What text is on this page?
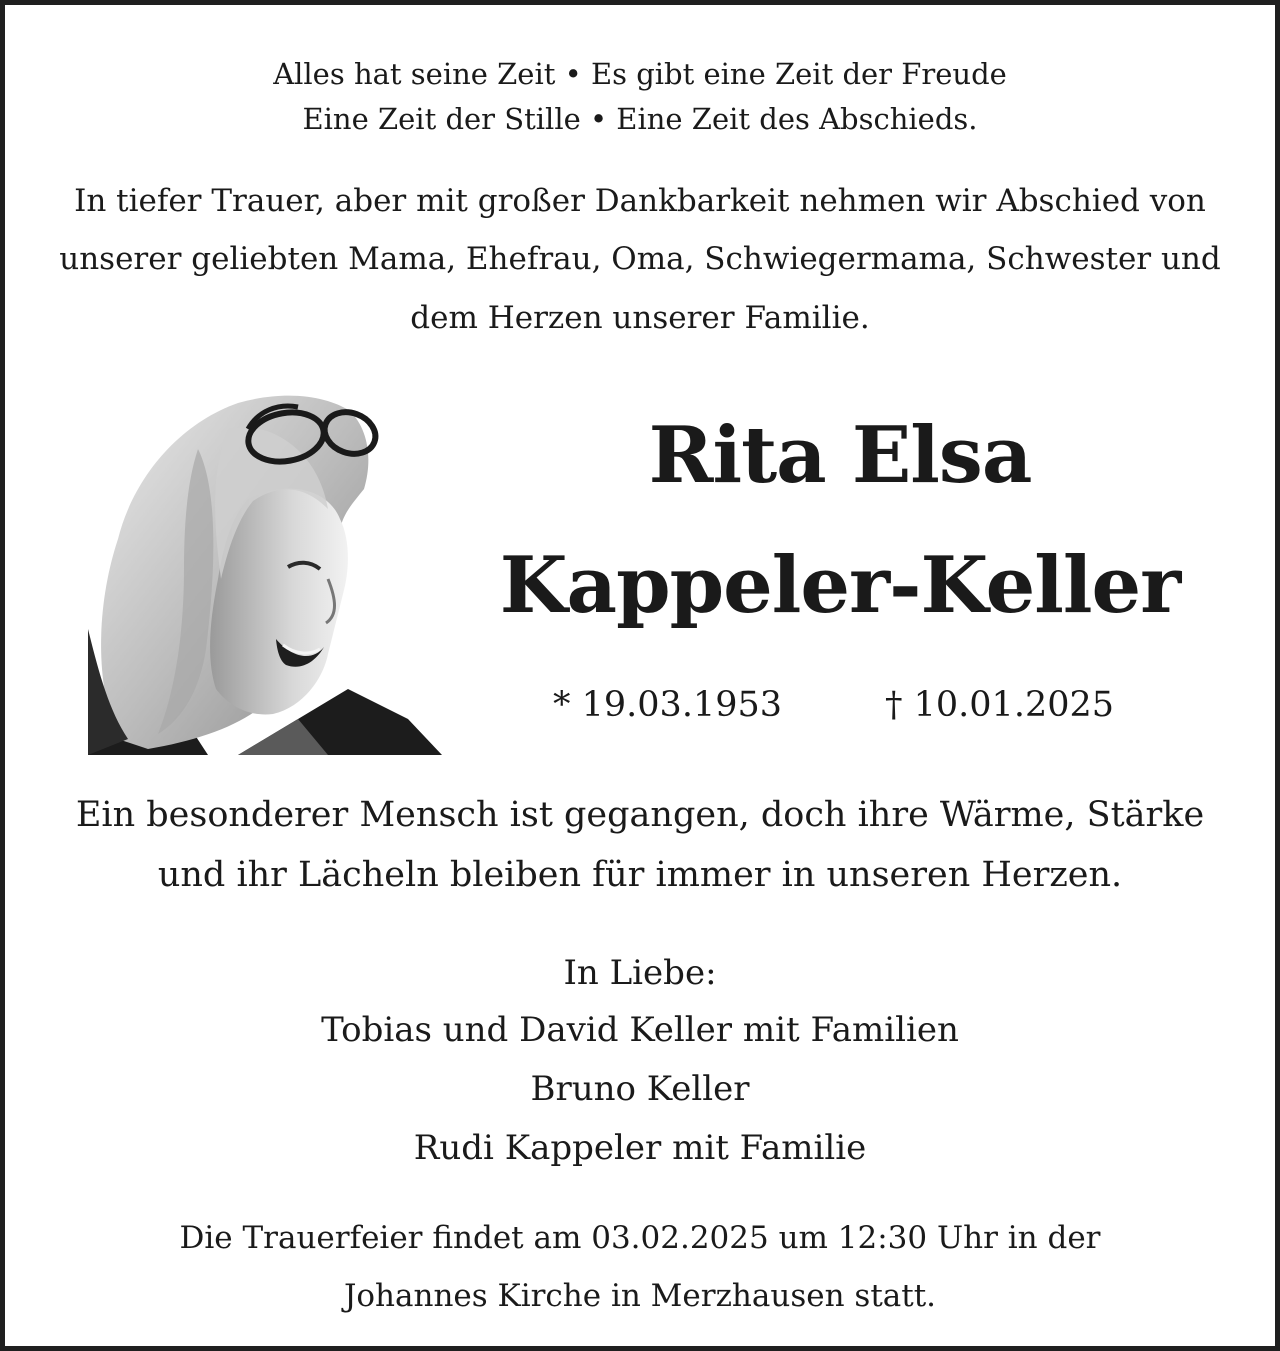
Alles hat seine Zeit • Es gibt eine Zeit der Freude
Eine Zeit der Stille • Eine Zeit des Abschieds.
In tiefer Trauer, aber mit großer Dankbarkeit nehmen wir Abschied von
unserer geliebten Mama, Ehefrau, Oma, Schwiegermama, Schwester und
dem Herzen unserer Familie.
Rita Elsa
Kappeler-Keller
* 19.03.1953	† 10.01.2025
Ein besonderer Mensch ist gegangen, doch ihre Wärme, Stärke
und ihr Lächeln bleiben für immer in unseren Herzen.
In Liebe:
Tobias und David Keller mit Familien
Bruno Keller
Rudi Kappeler mit Familie
Die Trauerfeier findet am 03.02.2025 um 12:30 Uhr in der
Johannes Kirche in Merzhausen statt.
